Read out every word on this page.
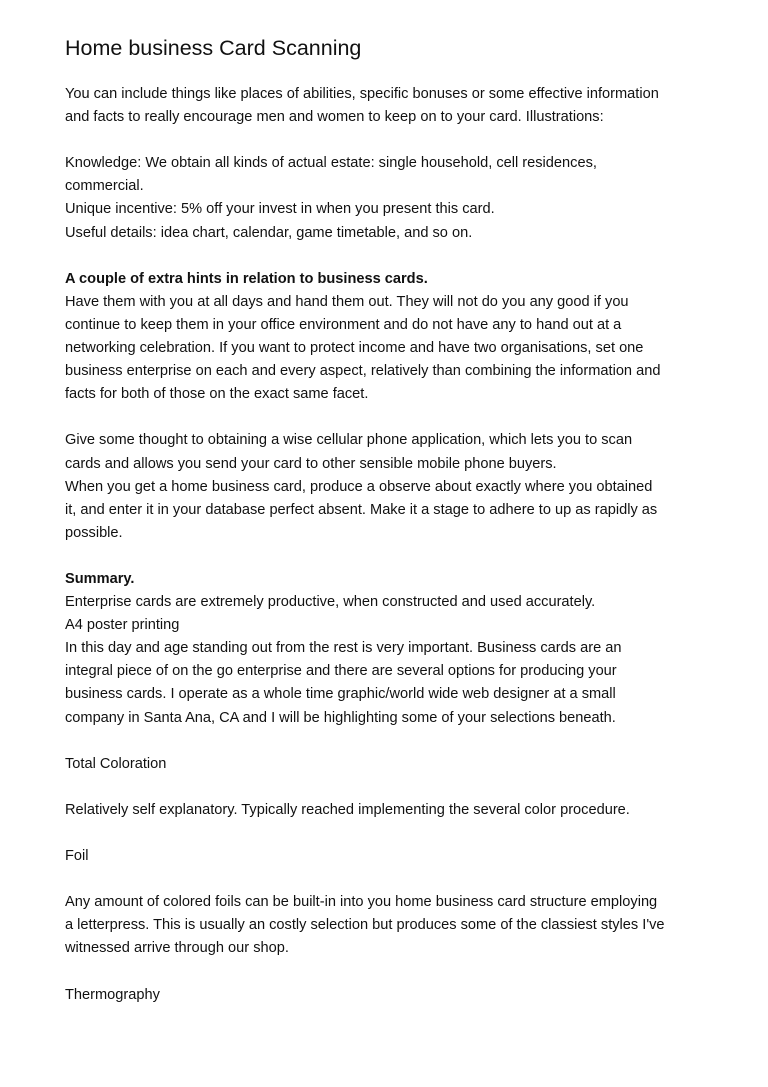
Home business Card Scanning

You can include things like places of abilities, specific bonuses or some effective information

and facts to really encourage men and women to keep on to your card. Illustrations:

Knowledge: We obtain all kinds of actual estate: single household, cell residences,

commercial.

Unique incentive: 5% off your invest in when you present this card.

Useful details: idea chart, calendar, game timetable, and so on.

A couple of extra hints in relation to business cards.

Have them with you at all days and hand them out. They will not do you any good if you

continue to keep them in your office environment and do not have any to hand out at a

networking celebration. If you want to protect income and have two organisations, set one

business enterprise on each and every aspect, relatively than combining the information and

facts for both of those on the exact same facet.

Give some thought to obtaining a wise cellular phone application, which lets you to scan

cards and allows you send your card to other sensible mobile phone buyers.

When you get a home business card, produce a observe about exactly where you obtained

it, and enter it in your database perfect absent. Make it a stage to adhere to up as rapidly as

possible.

Summary.

Enterprise cards are extremely productive, when constructed and used accurately.

A4 poster printing

In this day and age standing out from the rest is very important. Business cards are an

integral piece of on the go enterprise and there are several options for producing your

business cards. I operate as a whole time graphic/world wide web designer at a small

company in Santa Ana, CA and I will be highlighting some of your selections beneath.

Total Coloration

Relatively self explanatory. Typically reached implementing the several color procedure.

Foil

Any amount of colored foils can be built-in into you home business card structure employing

a letterpress. This is usually an costly selection but produces some of the classiest styles I've

witnessed arrive through our shop.

Thermography
